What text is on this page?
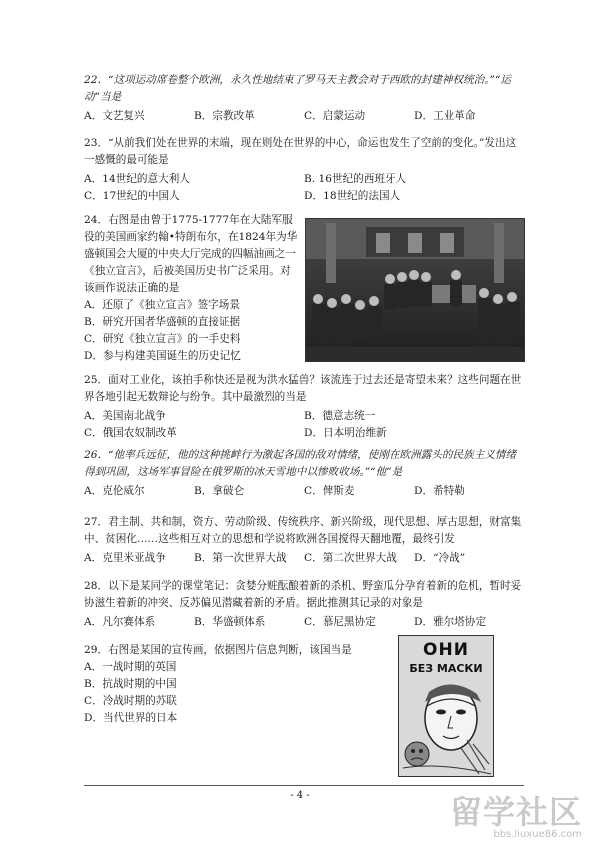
22．“这项运动席卷整个欧洲，永久性地结束了罗马天主教会对于西欧的封建神权统治。”“运动”当是

A．文艺复兴	B．宗教改革	C．启蒙运动	D．工业革命

23．“从前我们处在世界的末端，现在则处在世界的中心，命运也发生了空前的变化。”发出这一感慨的最可能是

A．14世纪的意大利人	B. 16世纪的西班牙人
C．17世纪的中国人	D．18世纪的法国人

24．右图是由曾于1775-1777年在大陆军服役的美国画家约翰•特朗布尔，在1824年为华盛顿国会大厦的中央大厅完成的四幅油画之一《独立宣言》，后被美国历史书广泛采用。对该画作说法正确的是

A．还原了《独立宣言》签字场景
B．研究开国者华盛顿的直接证据
C．研究《独立宣言》的一手史料
D．参与构建美国诞生的历史记忆

25．面对工业化，该拍手称快还是视为洪水猛兽？该流连于过去还是寄望未来？这些问题在世界各地引起无数辩论与纷争。其中最激烈的当是

A．美国南北战争	B．德意志统一
C．俄国农奴制改革	D．日本明治维新

26．“他率兵远征，他的这种挑衅行为激起各国的敌对情绪，使刚在欧洲露头的民族主义情绪得到巩固，这场军事冒险在俄罗斯的冰天雪地中以惨败收场。”“他”是

A．克伦威尔	B．拿破仑	C．俾斯麦	D．希特勒

27．君主制、共和制，资方、劳动阶级、传统秩序、新兴阶级，现代思想、厚古思想，财富集中、贫困化……这些相互对立的思想和学说将欧洲各国搅得天翻地覆，最终引发

A．克里米亚战争	B．第一次世界大战	C．第二次世界大战	D．“冷战”

28．以下是某同学的课堂笔记：贪婪分赃酝酿着新的杀机、野蛮瓜分孕育着新的危机，暂时妥协滋生着新的冲突、反苏偏见潜藏着新的矛盾。据此推测其记录的对象是

A．凡尔赛体系	B．华盛顿体系	C．慕尼黑协定	D．雅尔塔协定

29．右图是某国的宣传画，依据图片信息判断，该国当是

A．一战时期的英国
B．抗战时期的中国
C．冷战时期的苏联
D．当代世界的日本
ОНИ
БЕЗ МАСКИ
- 4 -	留学社区
bbs.liuxue86.com
